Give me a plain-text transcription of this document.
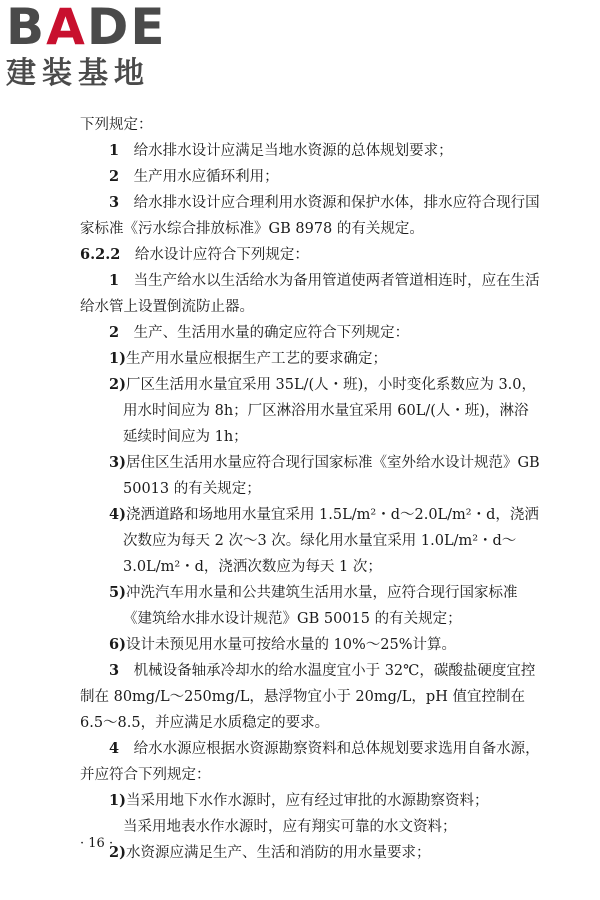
BADE
建装基地

下列规定：

1　给水排水设计应满足当地水资源的总体规划要求；

2　生产用水应循环利用；

3　给水排水设计应合理利用水资源和保护水体，排水应符合现行国家标准《污水综合排放标准》GB 8978 的有关规定。

6.2.2　给水设计应符合下列规定：

1　当生产给水以生活给水为备用管道使两者管道相连时，应在生活给水管上设置倒流防止器。

2　生产、生活用水量的确定应符合下列规定：

1)生产用水量应根据生产工艺的要求确定；

2)厂区生活用水量宜采用 35L/(人・班)，小时变化系数应为 3.0，用水时间应为 8h；厂区淋浴用水量宜采用 60L/(人・班)，淋浴延续时间应为 1h；

3)居住区生活用水量应符合现行国家标准《室外给水设计规范》GB 50013 的有关规定；

4)浇洒道路和场地用水量宜采用 1.5L/m²・d～2.0L/m²・d，浇洒次数应为每天 2 次～3 次。绿化用水量宜采用 1.0L/m²・d～3.0L/m²・d，浇洒次数应为每天 1 次；

5)冲洗汽车用水量和公共建筑生活用水量，应符合现行国家标准《建筑给水排水设计规范》GB 50015 的有关规定；

6)设计未预见用水量可按给水量的 10%～25%计算。

3　机械设备轴承冷却水的给水温度宜小于 32℃，碳酸盐硬度宜控制在 80mg/L～250mg/L，悬浮物宜小于 20mg/L，pH 值宜控制在 6.5～8.5，并应满足水质稳定的要求。

4　给水水源应根据水资源勘察资料和总体规划要求选用自备水源，并应符合下列规定：

1)当采用地下水作水源时，应有经过审批的水源勘察资料；

当采用地表水作水源时，应有翔实可靠的水文资料；

2)水资源应满足生产、生活和消防的用水量要求；

· 16 ·
